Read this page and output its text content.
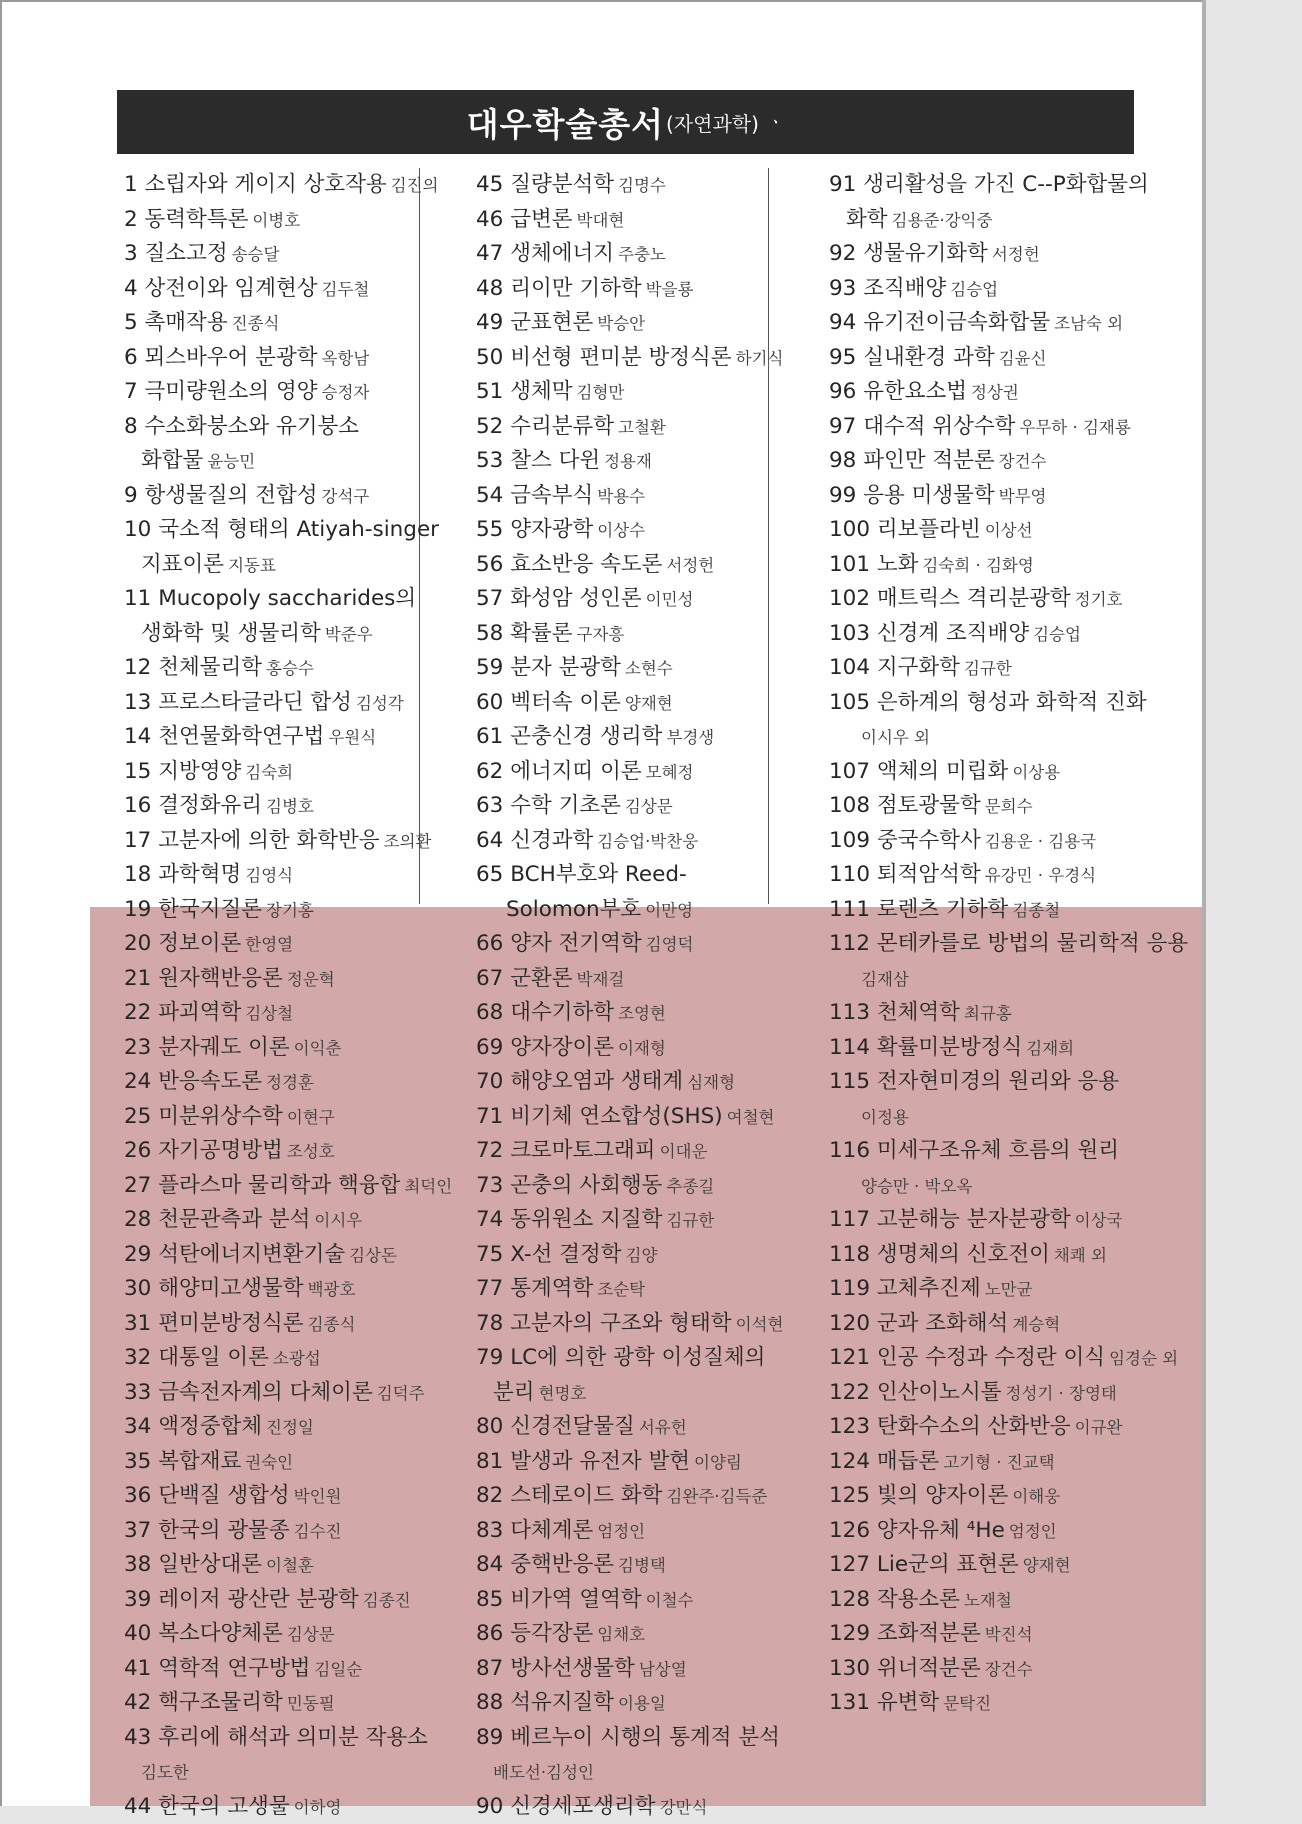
대우학술총서 (자연과학) ㆍ
1 소립자와 게이지 상호작용 김진의
2 동력학특론 이병호
3 질소고정 송승달
4 상전이와 임계현상 김두철
5 촉매작용 진종식
6 뫼스바우어 분광학 옥항남
7 극미량원소의 영양 승정자
8 수소화붕소와 유기붕소
화합물 윤능민
9 항생물질의 전합성 강석구
10 국소적 형태의 Atiyah-singer
지표이론 지동표
11 Mucopoly saccharides의
생화학 및 생물리학 박준우
12 천체물리학 홍승수
13 프로스타글라딘 합성 김성각
14 천연물화학연구법 우원식
15 지방영양 김숙희
16 결정화유리 김병호
17 고분자에 의한 화학반응 조의환
18 과학혁명 김영식
19 한국지질론 장기홍
20 정보이론 한영열
21 원자핵반응론 정운혁
22 파괴역학 김상철
23 분자궤도 이론 이익춘
24 반응속도론 정경훈
25 미분위상수학 이현구
26 자기공명방법 조성호
27 플라스마 물리학과 핵융합 최덕인
28 천문관측과 분석 이시우
29 석탄에너지변환기술 김상돈
30 해양미고생물학 백광호
31 편미분방정식론 김종식
32 대통일 이론 소광섭
33 금속전자계의 다체이론 김덕주
34 액정중합체 진정일
35 복합재료 권숙인
36 단백질 생합성 박인원
37 한국의 광물종 김수진
38 일반상대론 이철훈
39 레이저 광산란 분광학 김종진
40 복소다양체론 김상문
41 역학적 연구방법 김일순
42 핵구조물리학 민동필
43 후리에 해석과 의미분 작용소
김도한
44 한국의 고생물 이하영
45 질량분석학 김명수
46 급변론 박대현
47 생체에너지 주충노
48 리이만 기하학 박을룡
49 군표현론 박승안
50 비선형 편미분 방정식론 하기식
51 생체막 김형만
52 수리분류학 고철환
53 찰스 다윈 정용재
54 금속부식 박용수
55 양자광학 이상수
56 효소반응 속도론 서정헌
57 화성암 성인론 이민성
58 확률론 구자흥
59 분자 분광학 소현수
60 벡터속 이론 양재현
61 곤충신경 생리학 부경생
62 에너지띠 이론 모혜정
63 수학 기초론 김상문
64 신경과학 김승업·박찬웅
65 BCH부호와 Reed-
Solomon부호 이만영
66 양자 전기역학 김영덕
67 군환론 박재걸
68 대수기하학 조영현
69 양자장이론 이재형
70 해양오염과 생태계 심재형
71 비기체 연소합성(SHS) 여철현
72 크로마토그래피 이대운
73 곤충의 사회행동 추종길
74 동위원소 지질학 김규한
75 X-선 결정학 김양
77 통계역학 조순탁
78 고분자의 구조와 형태학 이석현
79 LC에 의한 광학 이성질체의
분리 현명호
80 신경전달물질 서유헌
81 발생과 유전자 발현 이양림
82 스테로이드 화학 김완주·김득준
83 다체계론 엄정인
84 중핵반응론 김병택
85 비가역 열역학 이철수
86 등각장론 임채호
87 방사선생물학 남상열
88 석유지질학 이용일
89 베르누이 시행의 통계적 분석
배도선·김성인
90 신경세포생리학 강만식
91 생리활성을 가진 C--P화합물의
화학 김용준·강익중
92 생물유기화학 서정헌
93 조직배양 김승업
94 유기전이금속화합물 조남숙 외
95 실내환경 과학 김윤신
96 유한요소법 정상권
97 대수적 위상수학 우무하 · 김재룡
98 파인만 적분론 장건수
99 응용 미생물학 박무영
100 리보플라빈 이상선
101 노화 김숙희 · 김화영
102 매트릭스 격리분광학 정기호
103 신경계 조직배양 김승업
104 지구화학 김규한
105 은하계의 형성과 화학적 진화
이시우 외
107 액체의 미립화 이상용
108 점토광물학 문희수
109 중국수학사 김용운 · 김용국
110 퇴적암석학 유강민 · 우경식
111 로렌츠 기하학 김종철
112 몬테카를로 방법의 물리학적 응용
김재삼
113 천체역학 최규홍
114 확률미분방정식 김재희
115 전자현미경의 원리와 응용
이정용
116 미세구조유체 흐름의 원리
양승만 · 박오옥
117 고분해능 분자분광학 이상국
118 생명체의 신호전이 채쾌 외
119 고체추진제 노만균
120 군과 조화해석 계승혁
121 인공 수정과 수정란 이식 임경순 외
122 인산이노시톨 정성기 · 장영태
123 탄화수소의 산화반응 이규완
124 매듭론 고기형 · 진교택
125 빛의 양자이론 이해웅
126 양자유체 ⁴He 엄정인
127 Lie군의 표현론 양재현
128 작용소론 노재철
129 조화적분론 박진석
130 위너적분론 장건수
131 유변학 문탁진
